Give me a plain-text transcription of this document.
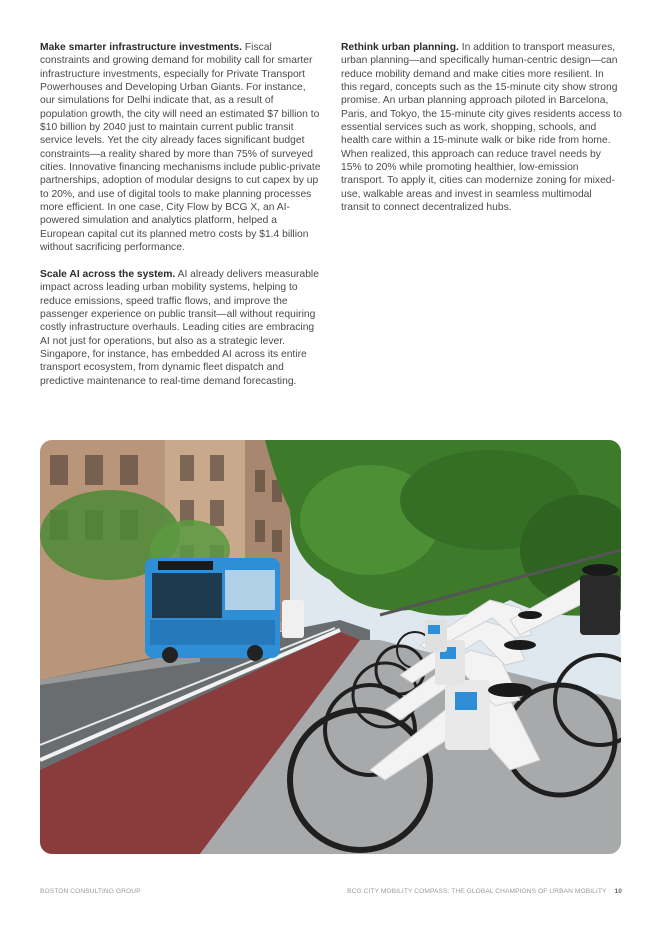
Make smarter infrastructure investments. Fiscal constraints and growing demand for mobility call for smarter infrastructure investments, especially for Private Transport Powerhouses and Developing Urban Giants. For instance, our simulations for Delhi indicate that, as a result of population growth, the city will need an estimated $7 billion to $10 billion by 2040 just to maintain current public transit service levels. Yet the city already faces significant budget constraints—a reality shared by more than 75% of surveyed cities. Innovative financing mechanisms include public-private partnerships, adoption of modular designs to cut capex by up to 20%, and use of digital tools to make planning processes more efficient. In one case, City Flow by BCG X, an AI-powered simulation and analytics platform, helped a European capital cut its planned metro costs by $1.4 billion without sacrificing performance.

Scale AI across the system. AI already delivers measurable impact across leading urban mobility systems, helping to reduce emissions, speed traffic flows, and improve the passenger experience on public transit—all without requiring costly infrastructure overhauls. Leading cities are embracing AI not just for operations, but also as a strategic lever. Singapore, for instance, has embedded AI across its entire transport ecosystem, from dynamic fleet dispatch and predictive maintenance to real-time demand forecasting.

Rethink urban planning. In addition to transport measures, urban planning—and specifically human-centric design—can reduce mobility demand and make cities more resilient. In this regard, concepts such as the 15-minute city show strong promise. An urban planning approach piloted in Barcelona, Paris, and Tokyo, the 15-minute city gives residents access to essential services such as work, shopping, schools, and health care within a 15-minute walk or bike ride from home. When realized, this approach can reduce travel needs by 15% to 20% while promoting healthier, low-emission transport. To apply it, cities can modernize zoning for mixed-use, walkable areas and invest in seamless multimodal transit to connect decentralized hubs.

BOSTON CONSULTING GROUP	BCG CITY MOBILITY COMPASS: THE GLOBAL CHAMPIONS OF URBAN MOBILITY 10
